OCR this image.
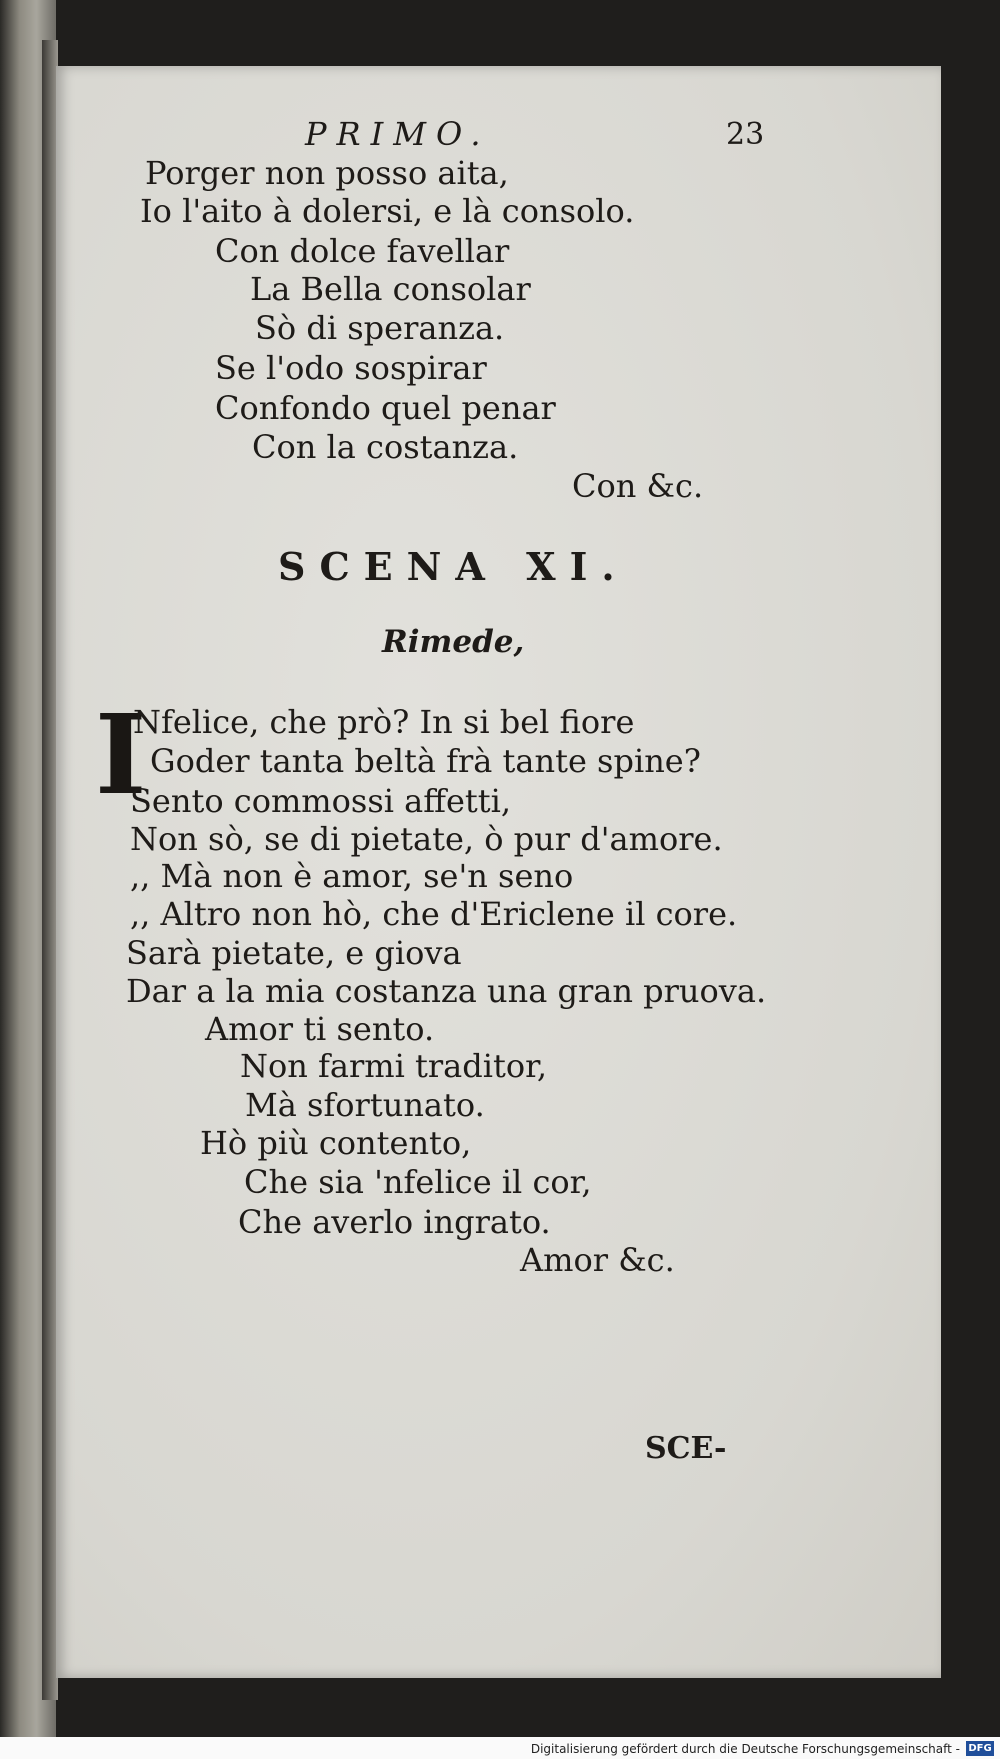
PRIMO.	23
Porger non posso aita,
Io l'aito à dolersi, e là consolo.
Con dolce favellar
La Bella consolar
Sò di speranza.
Se l'odo sospirar
Confondo quel penar
Con la costanza.
Con &c.
SCENA XI.
Rimede,
I
Nfelice, che prò? In si bel fiore
Goder tanta beltà frà tante spine?
Sento commossi affetti,
Non sò, se di pietate, ò pur d'amore.
,, Mà non è amor, se'n seno
,, Altro non hò, che d'Ericlene il core.
Sarà pietate, e giova
Dar a la mia costanza una gran pruova.
Amor ti sento.
Non farmi traditor,
Mà sfortunato.
Hò più contento,
Che sia 'nfelice il cor,
Che averlo ingrato.
Amor &c.
SCE-
Digitalisierung gefördert durch die Deutsche Forschungsgemeinschaft - DFG
